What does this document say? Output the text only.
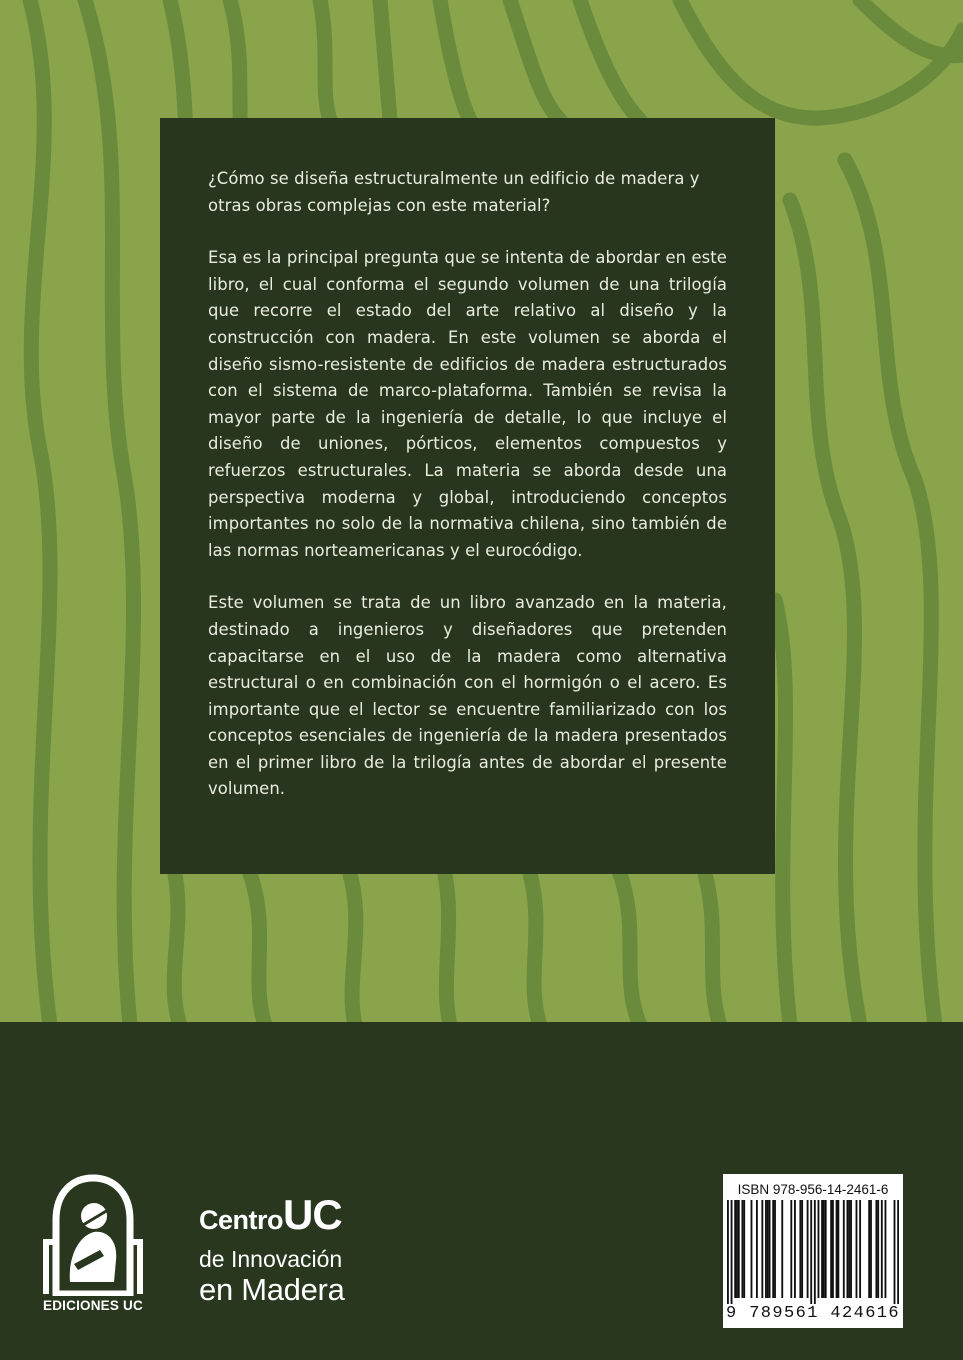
¿Cómo se diseña estructuralmente un edificio de madera y otras obras complejas con este material?

Esa es la principal pregunta que se intenta de abordar en este libro, el cual conforma el segundo volumen de una trilogía que recorre el estado del arte relativo al diseño y la construcción con madera. En este volumen se aborda el diseño sismo-resistente de edificios de madera estructurados con el sistema de marco-plataforma. También se revisa la mayor parte de la ingeniería de detalle, lo que incluye el diseño de uniones, pórticos, elementos compuestos y refuerzos estructurales. La materia se aborda desde una perspectiva moderna y global, introduciendo conceptos importantes no solo de la normativa chilena, sino también de las normas norteamericanas y el eurocódigo.

Este volumen se trata de un libro avanzado en la materia, destinado a ingenieros y diseñadores que pretenden capacitarse en el uso de la madera como alternativa estructural o en combinación con el hormigón o el acero. Es importante que el lector se encuentre familiarizado con los conceptos esenciales de ingeniería de la madera presentados en el primer libro de la trilogía antes de abordar el presente volumen.

EDICIONES UC
CentroUC
de Innovación
en Madera
ISBN 978-956-14-2461-6
9 789561 424616
